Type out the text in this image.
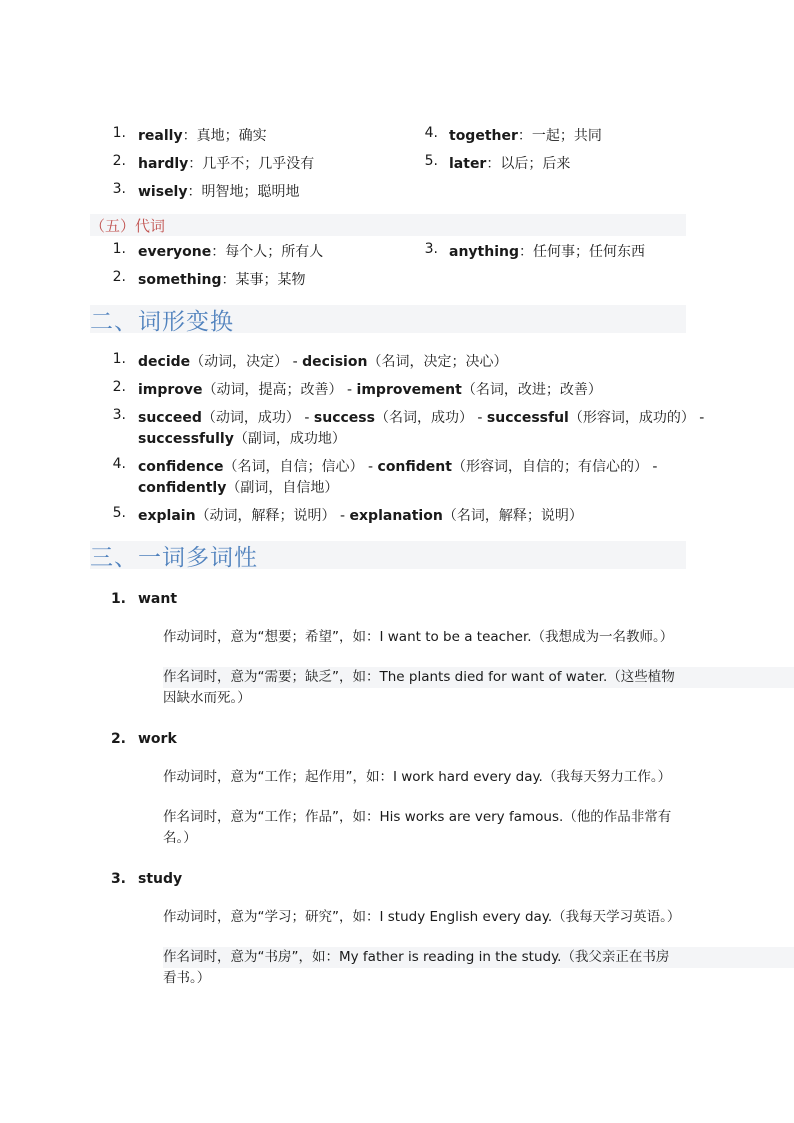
1. really：真地；确实
2. hardly：几乎不；几乎没有
3. wisely：明智地；聪明地
4. together：一起；共同
5. later：以后；后来
（五）代词
1. everyone：每个人；所有人
2. something：某事；某物
3. anything：任何事；任何东西
二、词形变换
1. decide（动词，决定） - decision（名词，决定；决心）
2. improve（动词，提高；改善） - improvement（名词，改进；改善）
3. succeed（动词，成功） - success（名词，成功） - successful（形容词，成功的） -
successfully（副词，成功地）
4. confidence（名词，自信；信心） - confident（形容词，自信的；有信心的） -
confidently（副词，自信地）
5. explain（动词，解释；说明） - explanation（名词，解释；说明）
三、一词多词性
1. want
作动词时，意为“想要；希望”，如：I want to be a teacher.（我想成为一名教师。）
作名词时，意为“需要；缺乏”，如：The plants died for want of water.（这些植物
因缺水而死。）
2. work
作动词时，意为“工作；起作用”，如：I work hard every day.（我每天努力工作。）
作名词时，意为“工作；作品”，如：His works are very famous.（他的作品非常有
名。）
3. study
作动词时，意为“学习；研究”，如：I study English every day.（我每天学习英语。）
作名词时，意为“书房”，如：My father is reading in the study.（我父亲正在书房
看书。）
